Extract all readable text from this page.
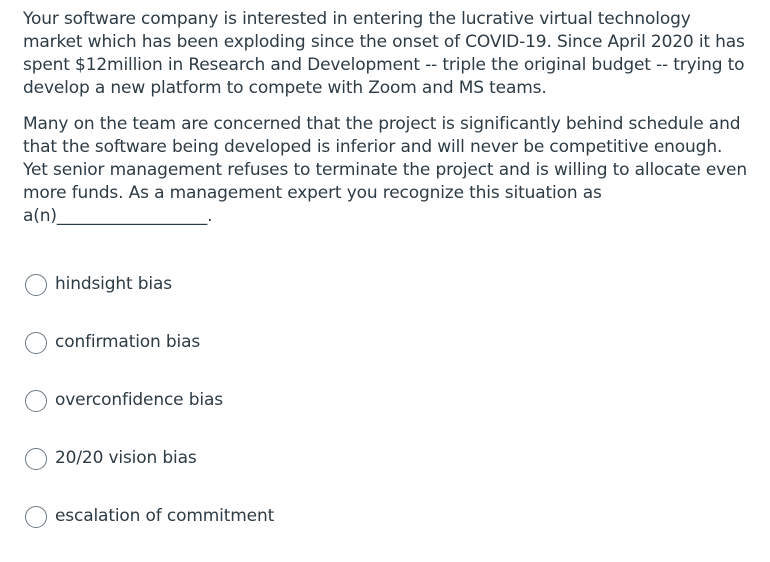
Your software company is interested in entering the lucrative virtual technology market which has been exploding since the onset of COVID-19. Since April 2020 it has spent $12million in Research and Development -- triple the original budget -- trying to develop a new platform to compete with Zoom and MS teams.

Many on the team are concerned that the project is significantly behind schedule and that the software being developed is inferior and will never be competitive enough. Yet senior management refuses to terminate the project and is willing to allocate even more funds. As a management expert you recognize this situation as a(n)__________________.

hindsight bias
confirmation bias
overconfidence bias
20/20 vision bias
escalation of commitment
